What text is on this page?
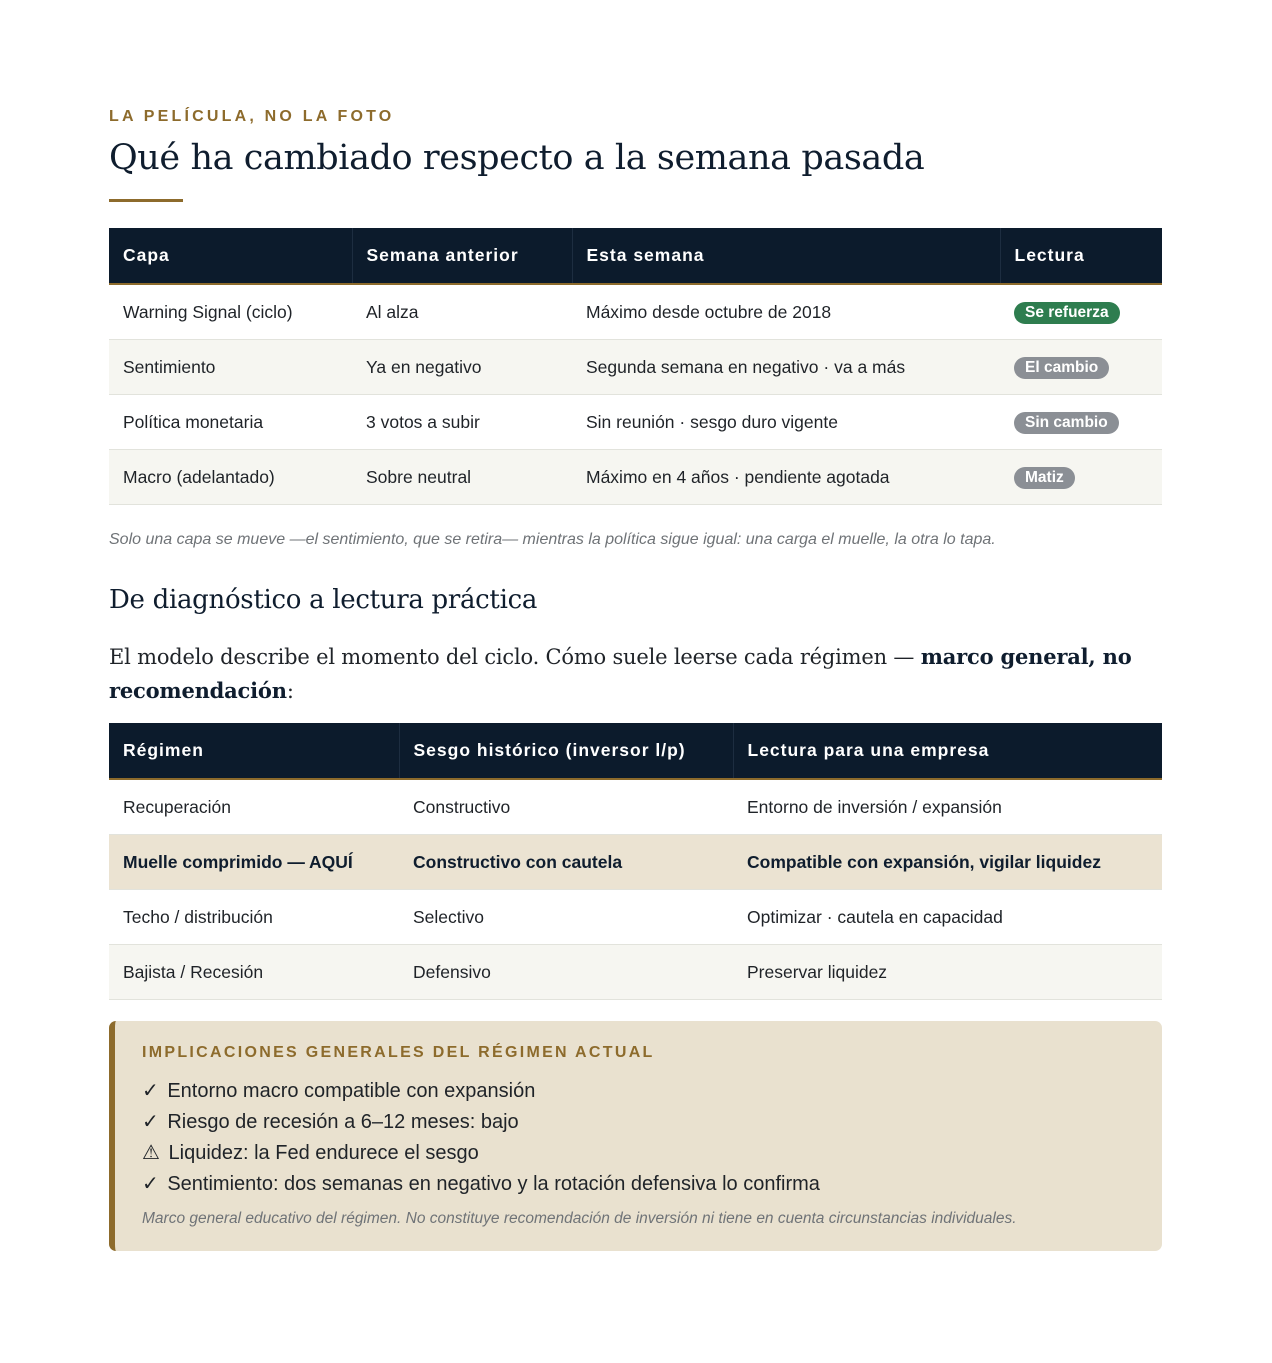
LA PELÍCULA, NO LA FOTO
Qué ha cambiado respecto a la semana pasada
Capa	Semana anterior	Esta semana	Lectura
Warning Signal (ciclo)	Al alza	Máximo desde octubre de 2018	Se refuerza
Sentimiento	Ya en negativo	Segunda semana en negativo · va a más	El cambio
Política monetaria	3 votos a subir	Sin reunión · sesgo duro vigente	Sin cambio
Macro (adelantado)	Sobre neutral	Máximo en 4 años · pendiente agotada	Matiz
Solo una capa se mueve —el sentimiento, que se retira— mientras la política sigue igual: una carga el muelle, la otra lo tapa.
De diagnóstico a lectura práctica

El modelo describe el momento del ciclo. Cómo suele leerse cada régimen — marco general, no recomendación:

Régimen	Sesgo histórico (inversor l/p)	Lectura para una empresa
Recuperación	Constructivo	Entorno de inversión / expansión
Muelle comprimido — AQUÍ	Constructivo con cautela	Compatible con expansión, vigilar liquidez
Techo / distribución	Selectivo	Optimizar · cautela en capacidad
Bajista / Recesión	Defensivo	Preservar liquidez
IMPLICACIONES GENERALES DEL RÉGIMEN ACTUAL
✓ Entorno macro compatible con expansión
✓ Riesgo de recesión a 6–12 meses: bajo
⚠ Liquidez: la Fed endurece el sesgo
✓ Sentimiento: dos semanas en negativo y la rotación defensiva lo confirma
Marco general educativo del régimen. No constituye recomendación de inversión ni tiene en cuenta circunstancias individuales.
